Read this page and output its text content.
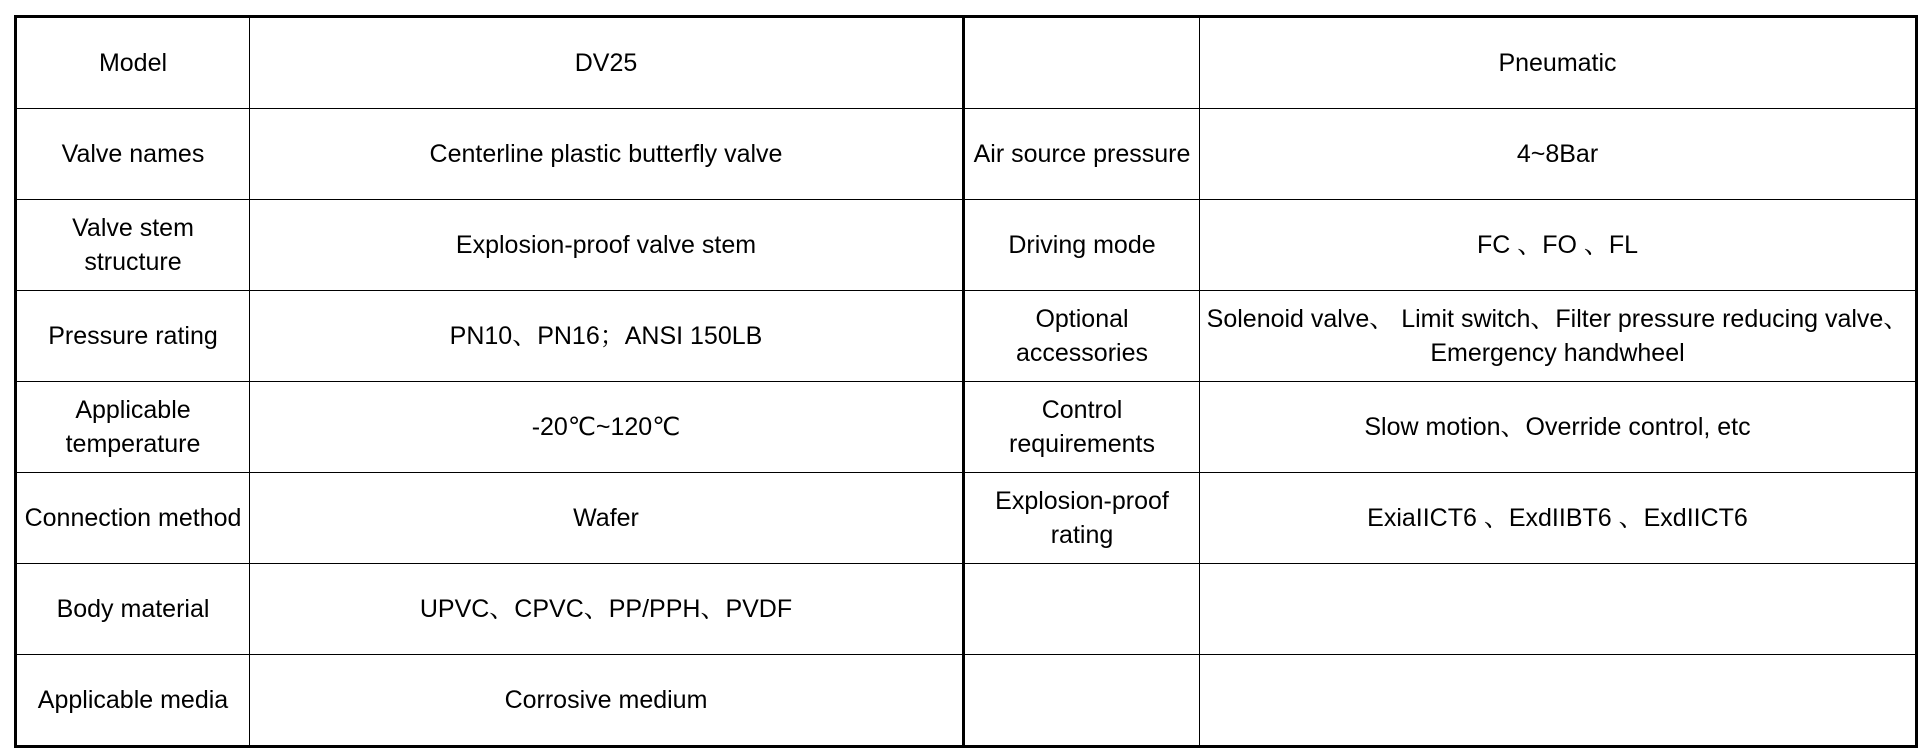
Model	DV25		Pneumatic
Valve names	Centerline plastic butterfly valve	Air source pressure	4~8Bar
Valve stem structure	Explosion-proof valve stem	Driving mode	FC 、FO 、FL
Pressure rating	PN10、PN16；ANSI 150LB	Optional accessories	Solenoid valve、 Limit switch、Filter pressure reducing valve、Emergency handwheel
Applicable temperature	-20℃~120℃	Control requirements	Slow motion、Override control, etc
Connection method	Wafer	Explosion-proof rating	ExiaIICT6 、ExdIIBT6 、ExdIICT6
Body material	UPVC、CPVC、PP/PPH、PVDF		
Applicable media	Corrosive medium		
